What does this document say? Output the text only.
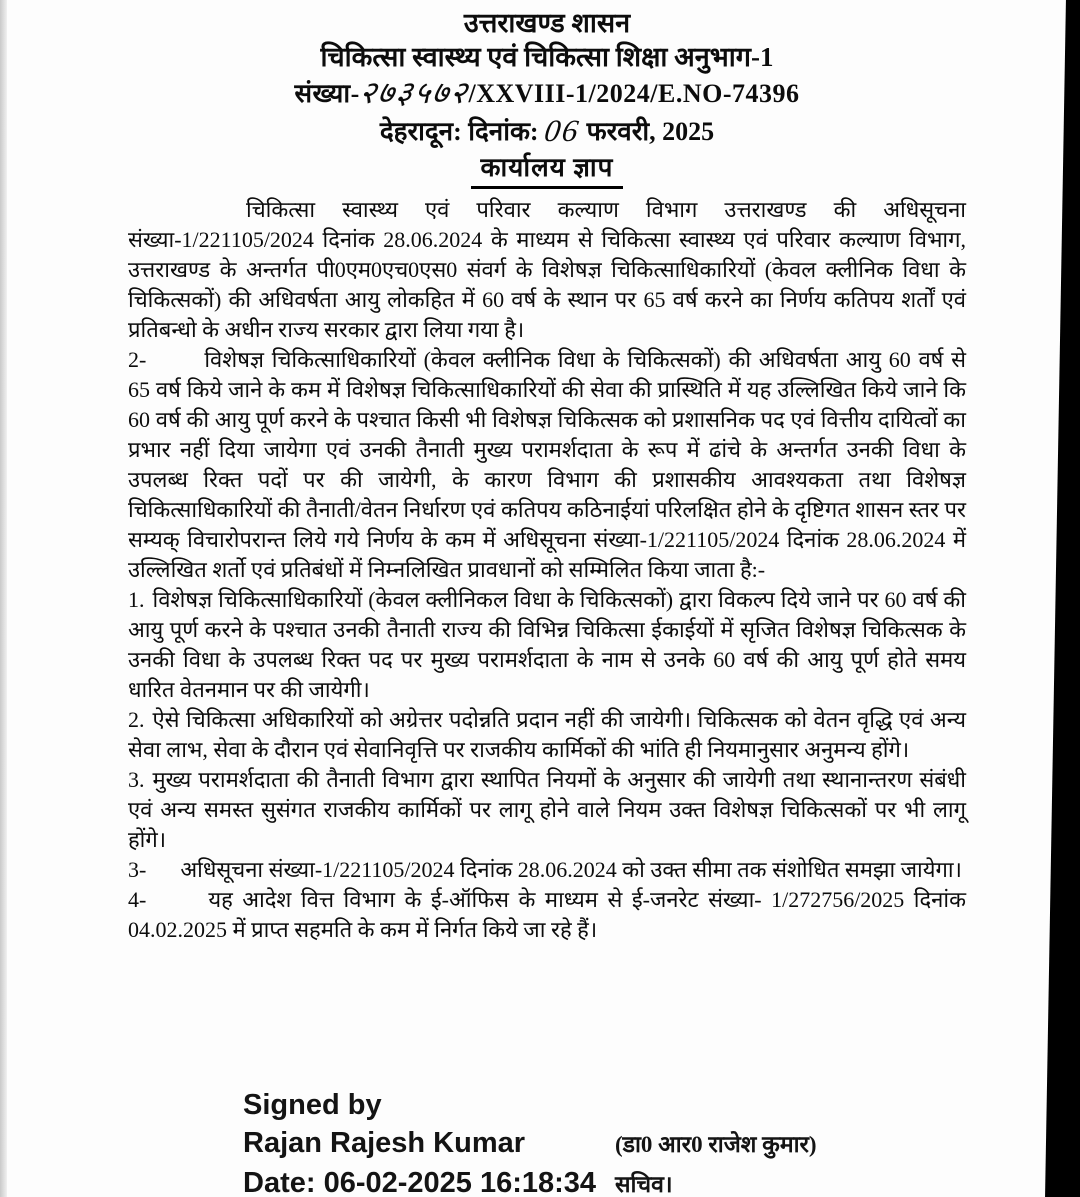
उत्तराखण्ड शासन
चिकित्सा स्वास्थ्य एवं चिकित्सा शिक्षा अनुभाग-1
संख्या-२७३५७२/XXVIII-1/2024/E.NO-74396
देहरादून: दिनांक: 06 फरवरी, 2025
कार्यालय ज्ञाप

चिकित्सा स्वास्थ्य एवं परिवार कल्याण विभाग उत्तराखण्ड की अधिसूचना संख्या-1/221105/2024 दिनांक 28.06.2024 के माध्यम से चिकित्सा स्वास्थ्य एवं परिवार कल्याण विभाग, उत्तराखण्ड के अन्तर्गत पी0एम0एच0एस0 संवर्ग के विशेषज्ञ चिकित्साधिकारियों (केवल क्लीनिक विधा के चिकित्सकों) की अधिवर्षता आयु लोकहित में 60 वर्ष के स्थान पर 65 वर्ष करने का निर्णय कतिपय शर्तों एवं प्रतिबन्धो के अधीन राज्य सरकार द्वारा लिया गया है।

2-	विशेषज्ञ चिकित्साधिकारियों (केवल क्लीनिक विधा के चिकित्सकों) की अधिवर्षता आयु 60 वर्ष से 65 वर्ष किये जाने के कम में विशेषज्ञ चिकित्साधिकारियों की सेवा की प्रास्थिति में यह उल्लिखित किये जाने कि 60 वर्ष की आयु पूर्ण करने के पश्चात किसी भी विशेषज्ञ चिकित्सक को प्रशासनिक पद एवं वित्तीय दायित्वों का प्रभार नहीं दिया जायेगा एवं उनकी तैनाती मुख्य परामर्शदाता के रूप में ढांचे के अन्तर्गत उनकी विधा के उपलब्ध रिक्त पदों पर की जायेगी, के कारण विभाग की प्रशासकीय आवश्यकता तथा विशेषज्ञ चिकित्साधिकारियों की तैनाती/वेतन निर्धारण एवं कतिपय कठिनाईयां परिलक्षित होने के दृष्टिगत शासन स्तर पर सम्यक् विचारोपरान्त लिये गये निर्णय के कम में अधिसूचना संख्या-1/221105/2024 दिनांक 28.06.2024 में उल्लिखित शर्तो एवं प्रतिबंधों में निम्नलिखित प्रावधानों को सम्मिलित किया जाता है:-

1. विशेषज्ञ चिकित्साधिकारियों (केवल क्लीनिकल विधा के चिकित्सकों) द्वारा विकल्प दिये जाने पर 60 वर्ष की आयु पूर्ण करने के पश्चात उनकी तैनाती राज्य की विभिन्न चिकित्सा ईकाईयों में सृजित विशेषज्ञ चिकित्सक के उनकी विधा के उपलब्ध रिक्त पद पर मुख्य परामर्शदाता के नाम से उनके 60 वर्ष की आयु पूर्ण होते समय धारित वेतनमान पर की जायेगी।

2. ऐसे चिकित्सा अधिकारियों को अग्रेत्तर पदोन्नति प्रदान नहीं की जायेगी। चिकित्सक को वेतन वृद्धि एवं अन्य सेवा लाभ, सेवा के दौरान एवं सेवानिवृत्ति पर राजकीय कार्मिकों की भांति ही नियमानुसार अनुमन्य होंगे।

3. मुख्य परामर्शदाता की तैनाती विभाग द्वारा स्थापित नियमों के अनुसार की जायेगी तथा स्थानान्तरण संबंधी एवं अन्य समस्त सुसंगत राजकीय कार्मिकों पर लागू होने वाले नियम उक्त विशेषज्ञ चिकित्सकों पर भी लागू होंगे।

3- अधिसूचना संख्या-1/221105/2024 दिनांक 28.06.2024 को उक्त सीमा तक संशोधित समझा जायेगा।

4-	यह आदेश वित्त विभाग के ई-ऑफिस के माध्यम से ई-जनरेट संख्या- 1/272756/2025 दिनांक 04.02.2025 में प्राप्त सहमति के कम में निर्गत किये जा रहे हैं।

Signed by
Rajan Rajesh Kumar	(डा0 आर0 राजेश कुमार)
Date: 06-02-2025 16:18:34 सचिव।
